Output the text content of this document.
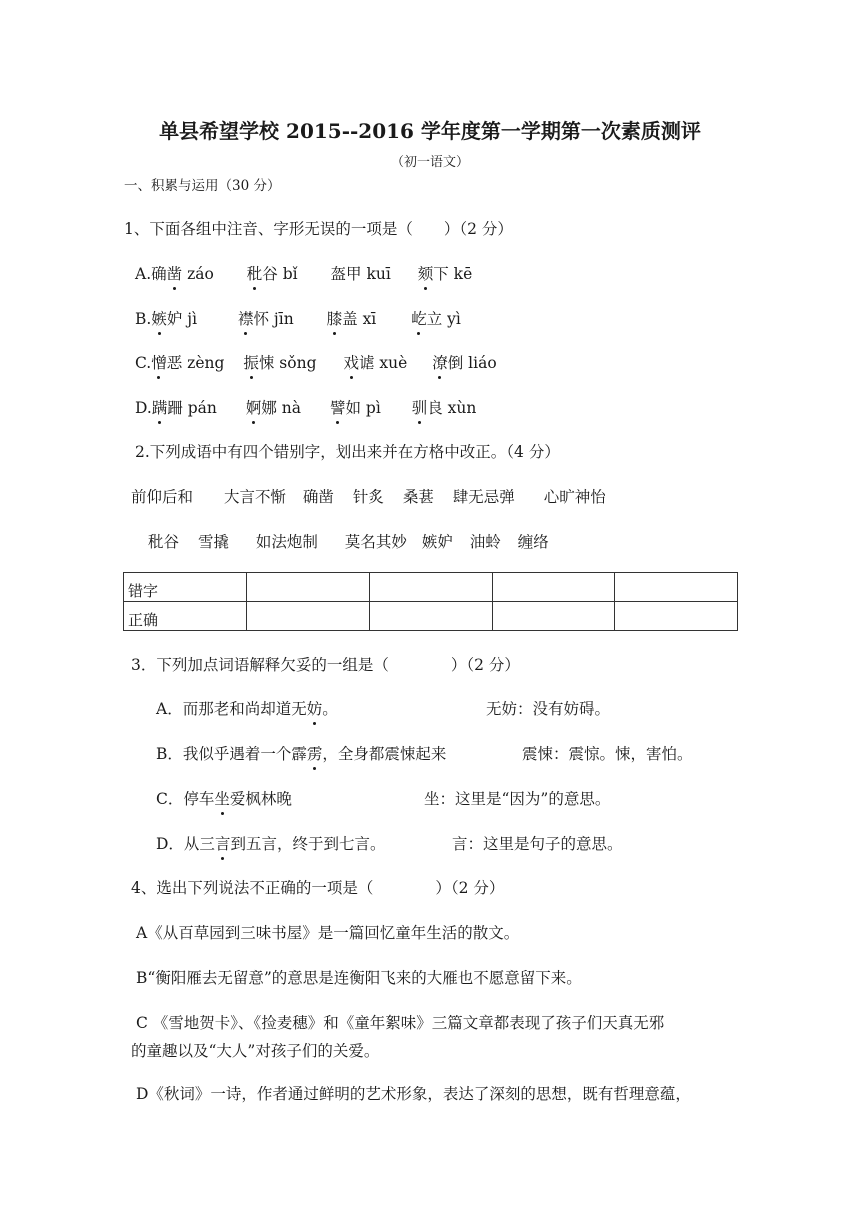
单县希望学校 2015--2016 学年度第一学期第一次素质测评
（初一语文）
一、积累与运用（30 分）
1、下面各组中注音、字形无误的一项是（　　）（2 分）
A.确凿 záo 秕谷 bǐ 盔甲 kuī 颏下 kē
B.嫉妒 jì	襟怀 jīn 膝盖 xī 屹立 yì
C.憎恶 zèng 振悚 sǒng 戏谑 xuè 潦倒 liáo
D.蹒跚 pán 婀娜 nà 譬如 pì 驯良 xùn
2.下列成语中有四个错别字，划出来并在方格中改正。（4 分）
前仰后和 大言不惭 确凿 针炙 桑葚 肆无忌弹 心旷神怡
秕谷 雪撬 如法炮制 莫名其妙 嫉妒 油蛉 缠络
错字				
正确				
3．下列加点词语解释欠妥的一组是（　　　　）（2 分）
A．而那老和尚却道无妨。	无妨：没有妨碍。
B．我似乎遇着一个霹雳，全身都震悚起来	震悚：震惊。悚，害怕。
C．停车坐爱枫林晚	坐：这里是“因为”的意思。
D．从三言到五言，终于到七言。	言：这里是句子的意思。
4、选出下列说法不正确的一项是（　　　　）（2 分）
A《从百草园到三味书屋》是一篇回忆童年生活的散文。
B“衡阳雁去无留意”的意思是连衡阳飞来的大雁也不愿意留下来。
C 《雪地贺卡》、《捡麦穗》和《童年絮味》三篇文章都表现了孩子们天真无邪
的童趣以及“大人”对孩子们的关爱。
D《秋词》一诗，作者通过鲜明的艺术形象，表达了深刻的思想，既有哲理意蕴，
